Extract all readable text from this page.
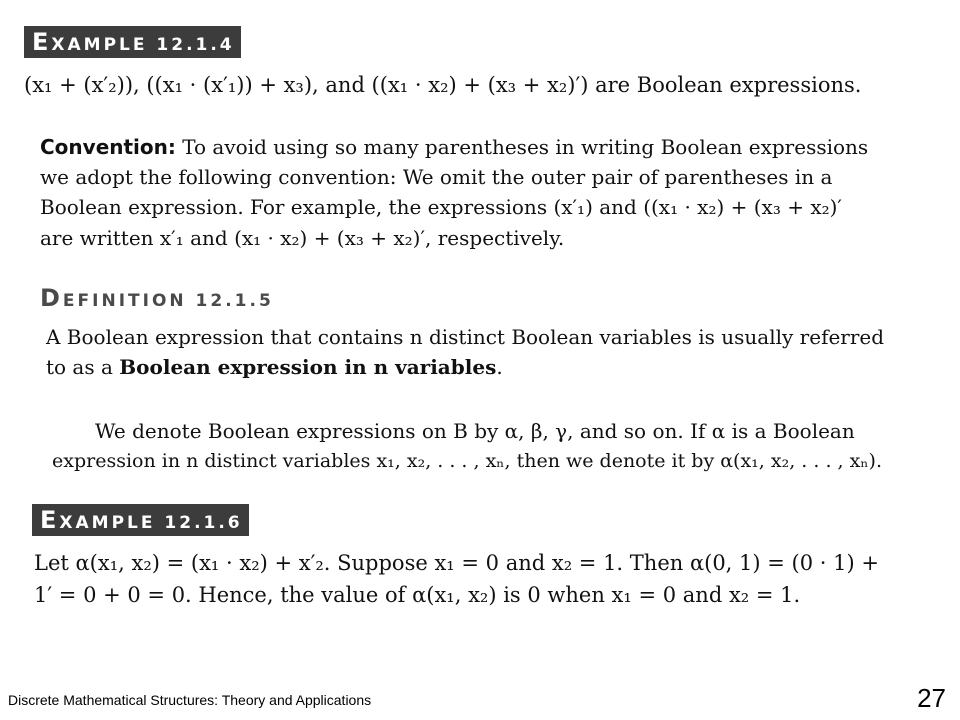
EXAMPLE 12.1.4
(x₁ + (x′₂)), ((x₁ · (x′₁)) + x₃), and ((x₁ · x₂) + (x₃ + x₂)′) are Boolean expressions.
Convention: To avoid using so many parentheses in writing Boolean expressions
we adopt the following convention: We omit the outer pair of parentheses in a
Boolean expression. For example, the expressions (x′₁) and ((x₁ · x₂) + (x₃ + x₂)′
are written x′₁ and (x₁ · x₂) + (x₃ + x₂)′, respectively.
DEFINITION 12.1.5
A Boolean expression that contains n distinct Boolean variables is usually referred
to as a Boolean expression in n variables.
We denote Boolean expressions on B by α, β, γ, and so on. If α is a Boolean
expression in n distinct variables x₁, x₂, . . . , xₙ, then we denote it by α(x₁, x₂, . . . , xₙ).
EXAMPLE 12.1.6
Let α(x₁, x₂) = (x₁ · x₂) + x′₂. Suppose x₁ = 0 and x₂ = 1. Then α(0, 1) = (0 · 1) +
1′ = 0 + 0 = 0. Hence, the value of α(x₁, x₂) is 0 when x₁ = 0 and x₂ = 1.
Discrete Mathematical Structures: Theory and Applications	27
